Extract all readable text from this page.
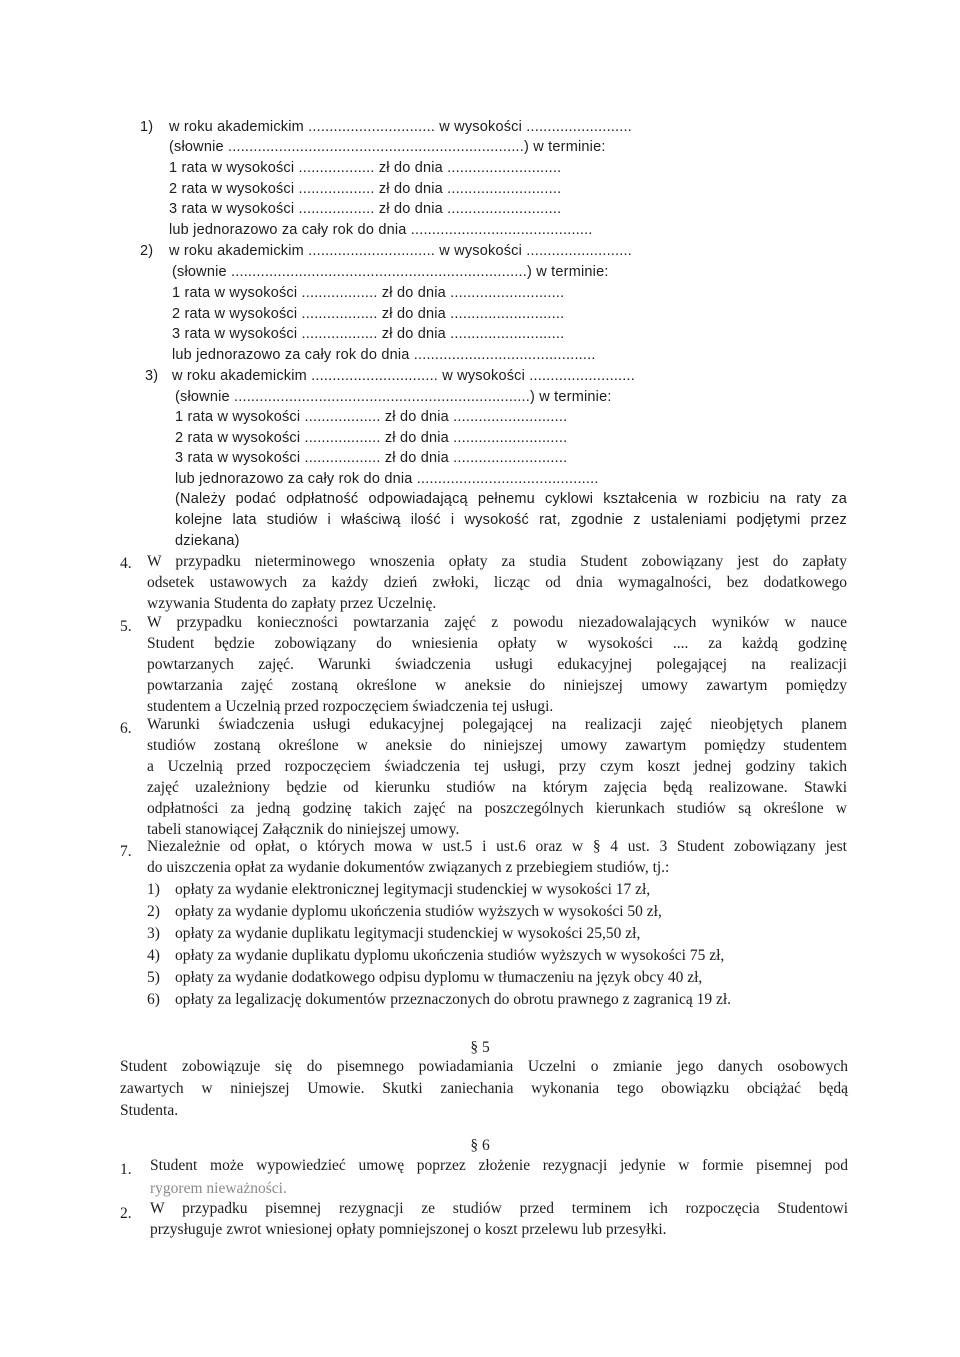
1) w roku akademickim .............................. w wysokości .........................
(słownie ......................................................................) w terminie:
1 rata w wysokości .................. zł do dnia ...........................
2 rata w wysokości .................. zł do dnia ...........................
3 rata w wysokości .................. zł do dnia ...........................
lub jednorazowo za cały rok do dnia ...........................................
2) w roku akademickim .............................. w wysokości .........................
(słownie ......................................................................) w terminie:
1 rata w wysokości .................. zł do dnia ...........................
2 rata w wysokości .................. zł do dnia ...........................
3 rata w wysokości .................. zł do dnia ...........................
lub jednorazowo za cały rok do dnia ...........................................
3) w roku akademickim .............................. w wysokości .........................
(słownie ......................................................................) w terminie:
1 rata w wysokości .................. zł do dnia ...........................
2 rata w wysokości .................. zł do dnia ...........................
3 rata w wysokości .................. zł do dnia ...........................
lub jednorazowo za cały rok do dnia ...........................................
(Należy podać odpłatność odpowiadającą pełnemu cyklowi kształcenia w rozbiciu na raty za
kolejne lata studiów i właściwą ilość i wysokość rat, zgodnie z ustaleniami podjętymi przez
dziekana)
4. W przypadku nieterminowego wnoszenia opłaty za studia Student zobowiązany jest do zapłaty
odsetek ustawowych za każdy dzień zwłoki, licząc od dnia wymagalności, bez dodatkowego
wzywania Studenta do zapłaty przez Uczelnię.
5. W przypadku konieczności powtarzania zajęć z powodu niezadowalających wyników w nauce
Student będzie zobowiązany do wniesienia opłaty w wysokości .... za każdą godzinę
powtarzanych zajęć. Warunki świadczenia usługi edukacyjnej polegającej na realizacji
powtarzania zajęć zostaną określone w aneksie do niniejszej umowy zawartym pomiędzy
studentem a Uczelnią przed rozpoczęciem świadczenia tej usługi.
6. Warunki świadczenia usługi edukacyjnej polegającej na realizacji zajęć nieobjętych planem
studiów zostaną określone w aneksie do niniejszej umowy zawartym pomiędzy studentem
a Uczelnią przed rozpoczęciem świadczenia tej usługi, przy czym koszt jednej godziny takich
zajęć uzależniony będzie od kierunku studiów na którym zajęcia będą realizowane. Stawki
odpłatności za jedną godzinę takich zajęć na poszczególnych kierunkach studiów są określone w
tabeli stanowiącej Załącznik do niniejszej umowy.
7. Niezależnie od opłat, o których mowa w ust.5 i ust.6 oraz w § 4 ust. 3 Student zobowiązany jest
do uiszczenia opłat za wydanie dokumentów związanych z przebiegiem studiów, tj.:
1) opłaty za wydanie elektronicznej legitymacji studenckiej w wysokości 17 zł,
2) opłaty za wydanie dyplomu ukończenia studiów wyższych w wysokości 50 zł,
3) opłaty za wydanie duplikatu legitymacji studenckiej w wysokości 25,50 zł,
4) opłaty za wydanie duplikatu dyplomu ukończenia studiów wyższych w wysokości 75 zł,
5) opłaty za wydanie dodatkowego odpisu dyplomu w tłumaczeniu na język obcy 40 zł,
6) opłaty za legalizację dokumentów przeznaczonych do obrotu prawnego z zagranicą 19 zł.
§ 5
Student zobowiązuje się do pisemnego powiadamiania Uczelni o zmianie jego danych osobowych
zawartych w niniejszej Umowie. Skutki zaniechania wykonania tego obowiązku obciążać będą
Studenta.
§ 6
1. Student może wypowiedzieć umowę poprzez złożenie rezygnacji jedynie w formie pisemnej pod
rygorem nieważności.
2. W przypadku pisemnej rezygnacji ze studiów przed terminem ich rozpoczęcia Studentowi
przysługuje zwrot wniesionej opłaty pomniejszonej o koszt przelewu lub przesyłki.
